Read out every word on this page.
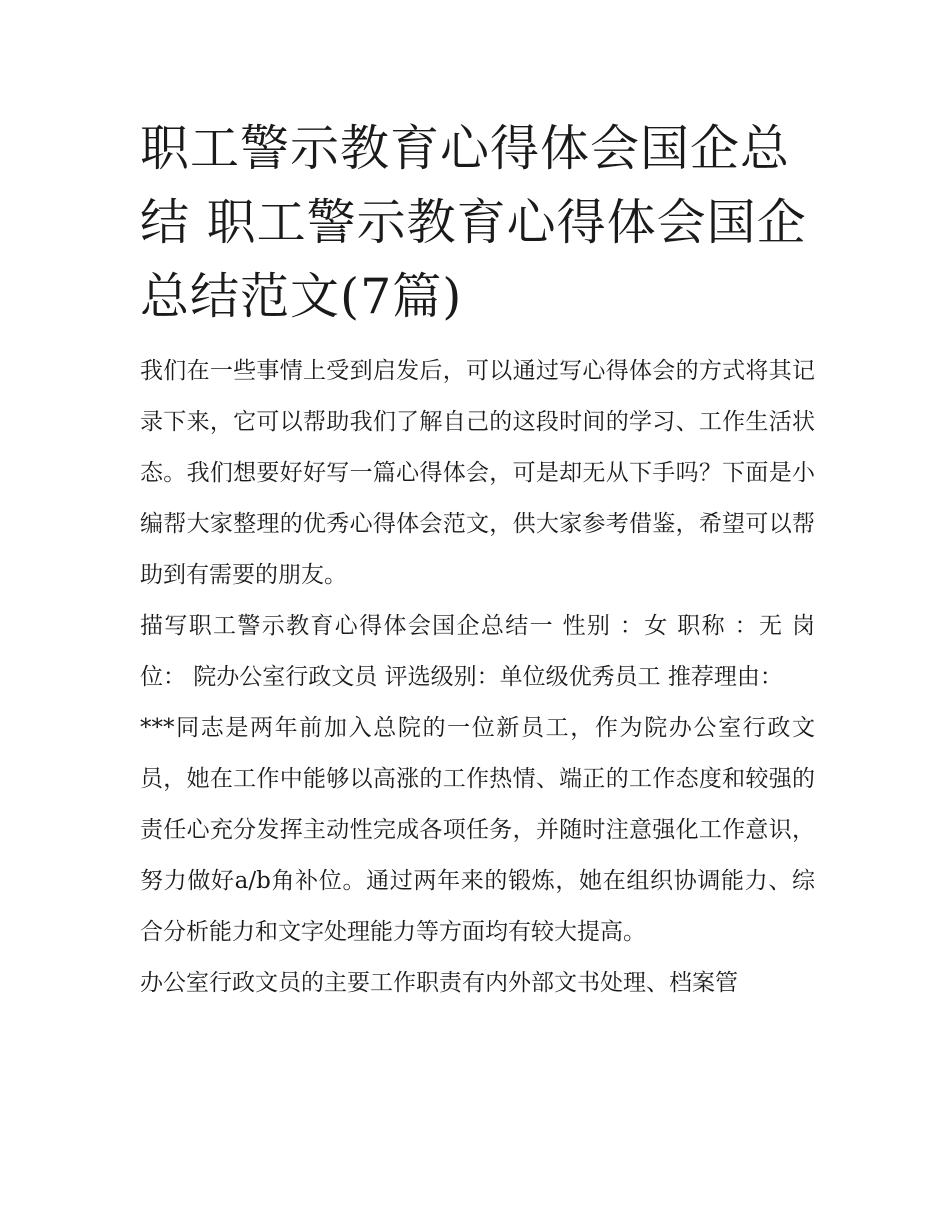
职工警示教育心得体会国企总结 职工警示教育心得体会国企总结范文(7篇)

我们在一些事情上受到启发后，可以通过写心得体会的方式将其记录下来，它可以帮助我们了解自己的这段时间的学习、工作生活状态。我们想要好好写一篇心得体会，可是却无从下手吗？下面是小编帮大家整理的优秀心得体会范文，供大家参考借鉴，希望可以帮助到有需要的朋友。

描写职工警示教育心得体会国企总结一 性别 ：女 职称 ：无 岗位： 院办公室行政文员 评选级别：单位级优秀员工 推荐理由：

***同志是两年前加入总院的一位新员工，作为院办公室行政文员，她在工作中能够以高涨的工作热情、端正的工作态度和较强的责任心充分发挥主动性完成各项任务，并随时注意强化工作意识，努力做好a/b角补位。通过两年来的锻炼，她在组织协调能力、综合分析能力和文字处理能力等方面均有较大提高。

办公室行政文员的主要工作职责有内外部文书处理、档案管
